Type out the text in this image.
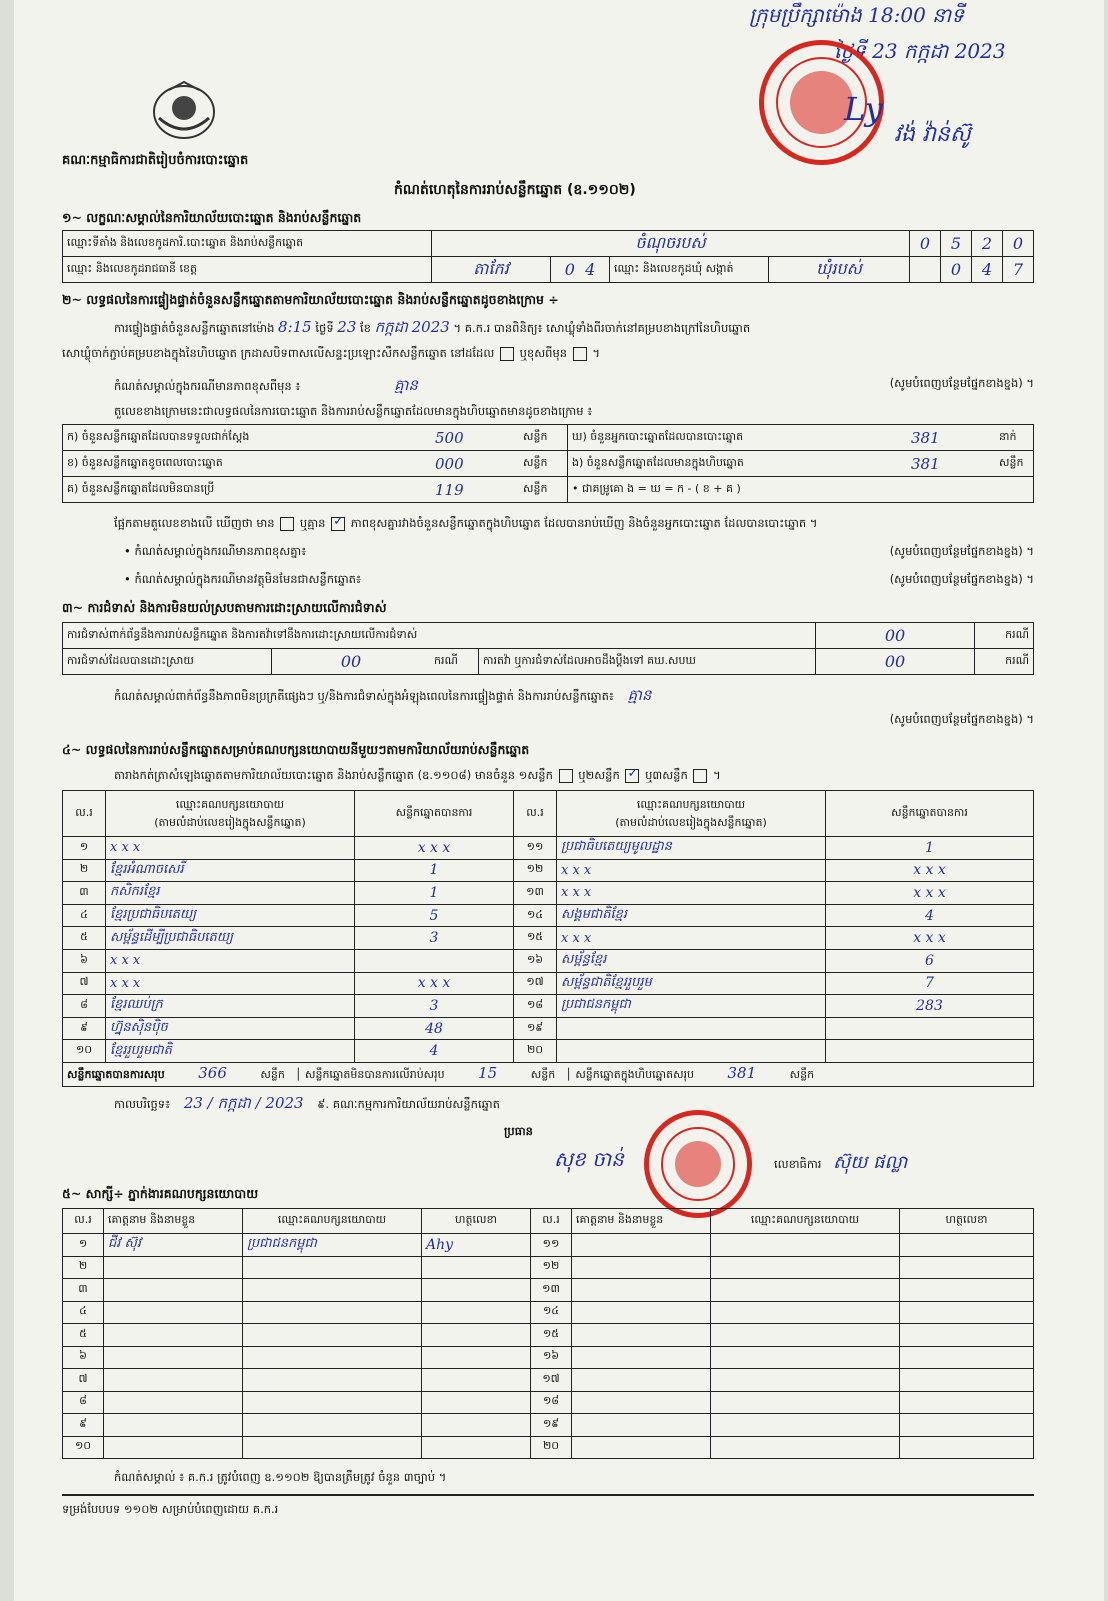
គណៈកម្មាធិការជាតិរៀបចំការបោះឆ្នោត
កំណត់ហេតុនៃការរាប់សន្លឹកឆ្នោត (ឧ.១១០២)
ក្រុមប្រឹក្សាម៉ោង 18:00 នាទី
ថ្ងៃទី 23 កក្កដា 2023
Ly
វង់ វ៉ាន់ស៊ូ
១~ លក្ខណៈសម្គាល់នៃការិយាល័យបោះឆ្នោត និងរាប់សន្លឹកឆ្នោត
ឈ្មោះទីតាំង និងលេខកូដការិ.បោះឆ្នោត និងរាប់សន្លឹកឆ្នោត	ចំណុចរបស់				0	5	2	0
ឈ្មោះ និងលេខកូដរាជធានី ខេត្ត	តាកែវ	0 4	ឈ្មោះ និងលេខកូដឃុំ សង្កាត់	ឃុំរបស់		0	4	7
២~ លទ្ធផលនៃការផ្ទៀងផ្ទាត់ចំនួនសន្លឹកឆ្នោតតាមការិយាល័យបោះឆ្នោត និងរាប់សន្លឹកឆ្នោតដូចខាងក្រោម ÷
ការផ្ទៀងផ្ទាត់ចំនួនសន្លឹកឆ្នោតនៅម៉ោង 8:15 ថ្ងៃទី 23 ខែ កក្កដា 2023 ។ គ.ក.រ បានពិនិត្យ៖ សោឃ្លុំទាំងពីរចាក់នៅគម្របខាងក្រៅនៃហិបឆ្នោត
សោឃ្លុំចាក់ភ្ជាប់គម្របខាងក្នុងនៃហិបឆ្នោត ក្រដាសបិទពាសលើសន្ទះប្រឡោះសឹកសន្លឹកឆ្នោត នៅដដែល ឬខុសពីមុន  ។
កំណត់សម្គាល់ក្នុងករណីមានភាពខុសពីមុន ៖	គ្មាន	(សូមបំពេញបន្ថែមផ្នែកខាងខ្នង) ។
តួលេខខាងក្រោមនេះជាលទ្ធផលនៃការបោះឆ្នោត និងការរាប់សន្លឹកឆ្នោតដែលមានក្នុងហិបឆ្នោតមានដូចខាងក្រោម ៖
ក) ចំនួនសន្លឹកឆ្នោតដែលបានទទួលជាក់ស្តែង	500	សន្លឹក	ឃ) ចំនួនអ្នកបោះឆ្នោតដែលបានបោះឆ្នោត	381	នាក់
ខ) ចំនួនសន្លឹកឆ្នោតខូចពេលបោះឆ្នោត	000	សន្លឹក	ង) ចំនួនសន្លឹកឆ្នោតដែលមានក្នុងហិបឆ្នោត	381	សន្លឹក
គ) ចំនួនសន្លឹកឆ្នោតដែលមិនបានប្រើ	119	សន្លឹក	• ជាគម្រូគោ ង = ឃ = ក - ( ខ + គ )		
ផ្អែកតាមតួលេខខាងលើ ឃើញថា មាន ឬគ្មាន ✓ ភាពខុសគ្នារវាងចំនួនសន្លឹកឆ្នោតក្នុងហិបឆ្នោត ដែលបានរាប់ឃើញ និងចំនួនអ្នកបោះឆ្នោត ដែលបានបោះឆ្នោត ។
• កំណត់សម្គាល់ក្នុងករណីមានភាពខុសគ្នា៖	(សូមបំពេញបន្ថែមផ្នែកខាងខ្នង) ។
• កំណត់សម្គាល់ក្នុងករណីមានវត្ថុមិនមែនជាសន្លឹកឆ្នោត៖	(សូមបំពេញបន្ថែមផ្នែកខាងខ្នង) ។
៣~ ការជំទាស់ និងការមិនយល់ស្របតាមការដោះស្រាយលើការជំទាស់
ការជំទាស់ពាក់ព័ន្ធនឹងការរាប់សន្លឹកឆ្នោត និងការតវ៉ាទៅនឹងការដោះស្រាយលើការជំទាស់				00	ករណី
ការជំទាស់ដែលបានដោះស្រាយ	00	ករណី	ការតវ៉ា ឬការជំទាស់ដែលអាចដឹងប្តឹងទៅ គឃ.សបឃ	00	ករណី
កំណត់សម្គាល់ពាក់ព័ន្ធនឹងភាពមិនប្រក្រតីផ្សេងៗ ឬ/និងការជំទាស់ក្នុងអំឡុងពេលនៃការផ្ទៀងផ្ទាត់ និងការរាប់សន្លឹកឆ្នោត៖ គ្មាន
(សូមបំពេញបន្ថែមផ្នែកខាងខ្នង) ។
៤~ លទ្ធផលនៃការរាប់សន្លឹកឆ្នោតសម្រាប់គណបក្សនយោបាយនីមួយៗតាមការិយាល័យរាប់សន្លឹកឆ្នោត
តារាងកត់ត្រាសំឡេងឆ្នោតតាមការិយាល័យបោះឆ្នោត និងរាប់សន្លឹកឆ្នោត (ឧ.១១០៨) មានចំនួន ១សន្លឹក ឬ២សន្លឹក ✓ ឬ៣សន្លឹក  ។
ល.រ	ឈ្មោះគណបក្សនយោបាយ
(តាមលំដាប់លេខរៀងក្នុងសន្លឹកឆ្នោត)	សន្លឹកឆ្នោតបានការ	ល.រ	ឈ្មោះគណបក្សនយោបាយ
(តាមលំដាប់លេខរៀងក្នុងសន្លឹកឆ្នោត)	សន្លឹកឆ្នោតបានការ
១	x x x	x x x	១១	ប្រជាធិបតេយ្យមូលដ្ឋាន	1
២	ខ្មែរអំណាចសេរី	1	១២	x x x	x x x
៣	កសិករខ្មែរ	1	១៣	x x x	x x x
៤	ខ្មែរប្រជាធិបតេយ្យ	5	១៤	សង្គមជាតិខ្មែរ	4
៥	សម្ព័ន្ធដើម្បីប្រជាធិបតេយ្យ	3	១៥	x x x	x x x
៦	x x x		១៦	សម្ព័ន្ធខ្មែរ	6
៧	x x x	x x x	១៧	សម្ព័ន្ធជាតិខ្មែររួបរួម	7
៨	ខ្មែរឈប់ក្រ	3	១៨	ប្រជាជនកម្ពុជា	283
៩	ហ្វ៊ុនស៊ិនប៉ិច	48	១៩		
១០	ខ្មែររួបរួមជាតិ	4	២០		
សន្លឹកឆ្នោតបានការសរុប 366 សន្លឹក │ សន្លឹកឆ្នោតមិនបានការលើរាប់សរុប 15 សន្លឹក │ សន្លឹកឆ្នោតក្នុងហិបឆ្នោតសរុប 381 សន្លឹក					
កាលបរិច្ឆេទ៖ 23 / កក្កដា / 2023 ៩. គណៈកម្មការការិយាល័យរាប់សន្លឹកឆ្នោត
ប្រធាន
សុខ ចាន់	លេខាធិការ ស៊ុយ ផល្លា
៥~ សាក្សី÷ ភ្នាក់ងារគណបក្សនយោបាយ
ល.រ	គោត្តនាម និងនាមខ្លួន	ឈ្មោះគណបក្សនយោបាយ	ហត្ថលេខា	ល.រ	គោត្តនាម និងនាមខ្លួន	ឈ្មោះគណបក្សនយោបាយ	ហត្ថលេខា
១	ជីវ ស៊ុវ	ប្រជាជនកម្ពុជា	Ahy	១១			
២				១២			
៣				១៣			
៤				១៤			
៥				១៥			
៦				១៦			
៧				១៧			
៨				១៨			
៩				១៩			
១០				២០			
កំណត់សម្គាល់ ៖ គ.ក.រ ត្រូវបំពេញ ឧ.១១០២ ឱ្យបានត្រឹមត្រូវ ចំនួន ៣ច្បាប់ ។
ទម្រង់បែបបទ ១១០២ សម្រាប់បំពេញដោយ គ.ក.រ
